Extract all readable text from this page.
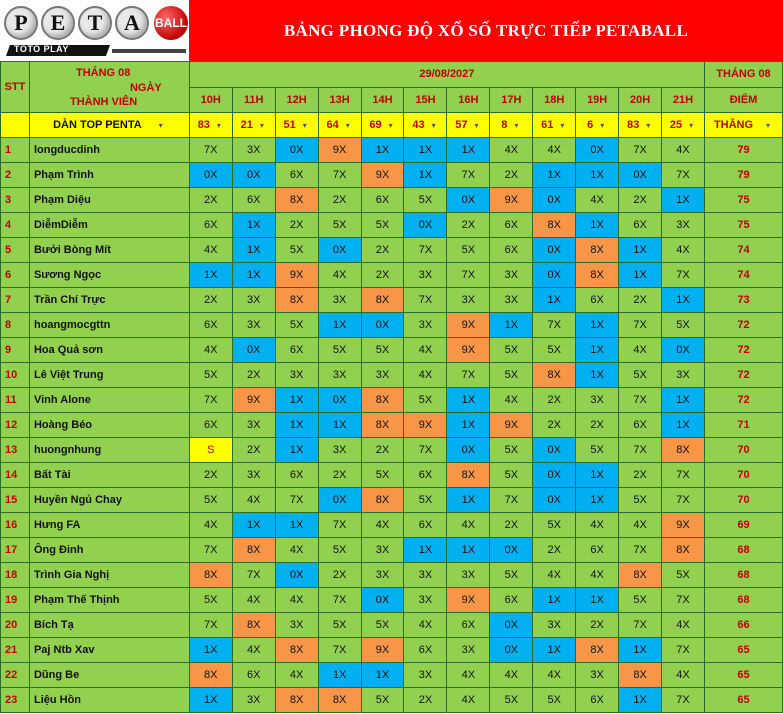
P	E	T A	BALL
TOTO PLAY
BẢNG PHONG ĐỘ XỔ SỐ TRỰC TIẾP PETABALL
STT	THÁNG 08
NGÀY
THÀNH VIÊN	29/08/2027												THÁNG 08
		10H	11H	12H	13H	14H	15H	16H	17H	18H	19H	20H	21H	ĐIỂM
	DÀN TOP PENTA ▾	83 ▾	21 ▾	51 ▾	64 ▾	69 ▾	43 ▾	57 ▾	8 ▾	61 ▾	6 ▾	83 ▾	25 ▾	THẮNG ▾
1	longducdinh	7X	3X	0X	9X	1X	1X	1X	4X	4X	0X	7X	4X	79
2	Phạm Trình	0X	0X	6X	7X	9X	1X	7X	2X	1X	1X	0X	7X	79
3	Phạm Diệu	2X	6X	8X	2X	6X	5X	0X	9X	0X	4X	2X	1X	75
4	DiễmDiễm	6X	1X	2X	5X	5X	0X	2X	6X	8X	1X	6X	3X	75
5	Bưởi Bòng Mít	4X	1X	5X	0X	2X	7X	5X	6X	0X	8X	1X	4X	74
6	Sương Ngọc	1X	1X	9X	4X	2X	3X	7X	3X	0X	8X	1X	7X	74
7	Trần Chí Trực	2X	3X	8X	3X	8X	7X	3X	3X	1X	6X	2X	1X	73
8	hoangmocgttn	6X	3X	5X	1X	0X	3X	9X	1X	7X	1X	7X	5X	72
9	Hoa Quả sơn	4X	0X	6X	5X	5X	4X	9X	5X	5X	1X	4X	0X	72
10	Lê Việt Trung	5X	2X	3X	3X	3X	4X	7X	5X	8X	1X	5X	3X	72
11	Vinh Alone	7X	9X	1X	0X	8X	5X	1X	4X	2X	3X	7X	1X	72
12	Hoàng Béo	6X	3X	1X	1X	8X	9X	1X	9X	2X	2X	6X	1X	71
13	huongnhung	S	2X	1X	3X	2X	7X	0X	5X	0X	5X	7X	8X	70
14	Bất Tài	2X	3X	6X	2X	5X	6X	8X	5X	0X	1X	2X	7X	70
15	Huyền Ngủ Chay	5X	4X	7X	0X	8X	5X	1X	7X	0X	1X	5X	7X	70
16	Hưng FA	4X	1X	1X	7X	4X	6X	4X	2X	5X	4X	4X	9X	69
17	Ông Đinh	7X	8X	4X	5X	3X	1X	1X	0X	2X	6X	7X	8X	68
18	Trình Gia Nghị	8X	7X	0X	2X	3X	3X	3X	5X	4X	4X	8X	5X	68
19	Phạm Thế Thịnh	5X	4X	4X	7X	0X	3X	9X	6X	1X	1X	5X	7X	68
20	Bích Tạ	7X	8X	3X	5X	5X	4X	6X	0X	3X	2X	7X	4X	66
21	Paj Ntb Xav	1X	4X	8X	7X	9X	6X	3X	0X	1X	8X	1X	7X	65
22	Dũng Be	8X	6X	4X	1X	1X	3X	4X	4X	4X	3X	8X	4X	65
23	Liệu Hồn	1X	3X	8X	8X	5X	2X	4X	5X	5X	6X	1X	7X	65
